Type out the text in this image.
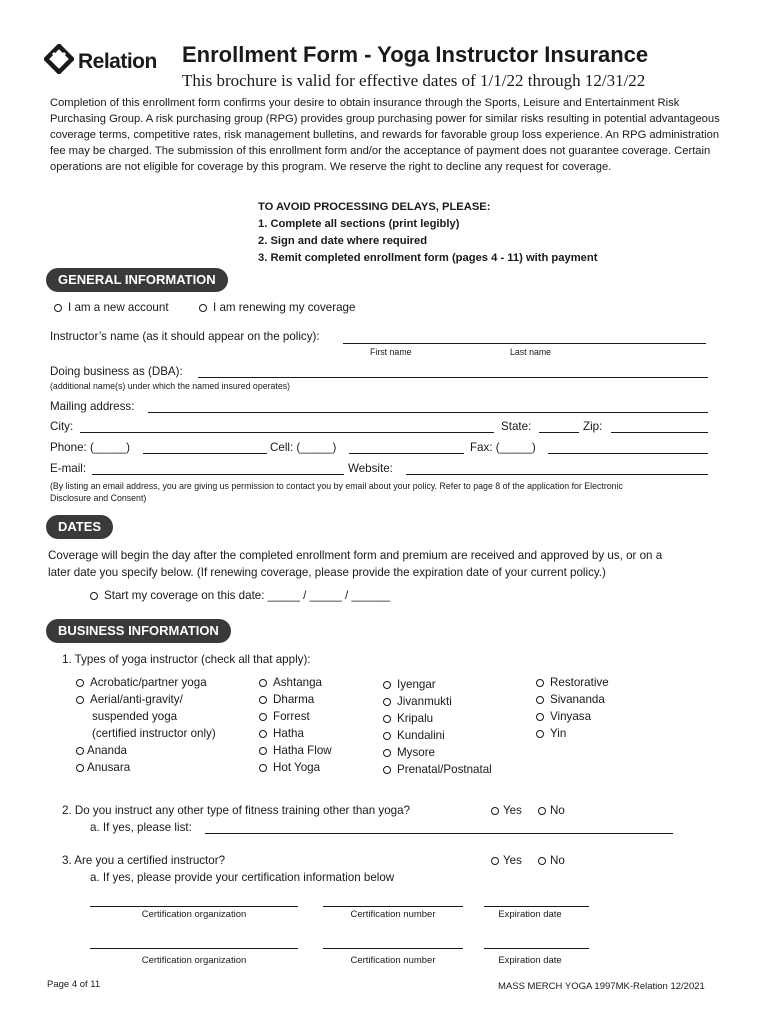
Relation Enrollment Form - Yoga Instructor Insurance
This brochure is valid for effective dates of 1/1/22 through 12/31/22
Completion of this enrollment form confirms your desire to obtain insurance through the Sports, Leisure and Entertainment Risk Purchasing Group. A risk purchasing group (RPG) provides group purchasing power for similar risks resulting in potential advantageous coverage terms, competitive rates, risk management bulletins, and rewards for favorable group loss experience. An RPG administration fee may be charged. The submission of this enrollment form and/or the acceptance of payment does not guarantee coverage. Certain operations are not eligible for coverage by this program. We reserve the right to decline any request for coverage.
TO AVOID PROCESSING DELAYS, PLEASE:
1. Complete all sections (print legibly)
2. Sign and date where required
3. Remit completed enrollment form (pages 4 - 11) with payment
GENERAL INFORMATION
I am a new account	I am renewing my coverage
Instructor’s name (as it should appear on the policy):
First name	Last name
Doing business as (DBA):
(additional name(s) under which the named insured operates)
Mailing address:
City:	State:	Zip:
Phone: (_____)	Cell: (_____)	Fax: (_____)
E-mail:	Website:
(By listing an email address, you are giving us permission to contact you by email about your policy. Refer to page 8 of the application for Electronic
Disclosure and Consent)
DATES
Coverage will begin the day after the completed enrollment form and premium are received and approved by us, or on a
later date you specify below. (If renewing coverage, please provide the expiration date of your current policy.)
Start my coverage on this date: _____ / _____ / ______
BUSINESS INFORMATION
1. Types of yoga instructor (check all that apply):
Acrobatic/partner yoga
Aerial/anti-gravity/
suspended yoga
(certified instructor only)
Ananda
Anusara
Ashtanga
Dharma
Forrest
Hatha
Hatha Flow
Hot Yoga
Iyengar
Jivanmukti
Kripalu
Kundalini
Mysore
Prenatal/Postnatal
Restorative
Sivananda
Vinyasa
Yin
2. Do you instruct any other type of fitness training other than yoga?	Yes	No
a. If yes, please list:
3. Are you a certified instructor?	Yes	No
a. If yes, please provide your certification information below
Certification organization	Certification number	Expiration date
Certification organization	Certification number	Expiration date
Page 4 of 11	MASS MERCH YOGA 1997MK-Relation 12/2021
